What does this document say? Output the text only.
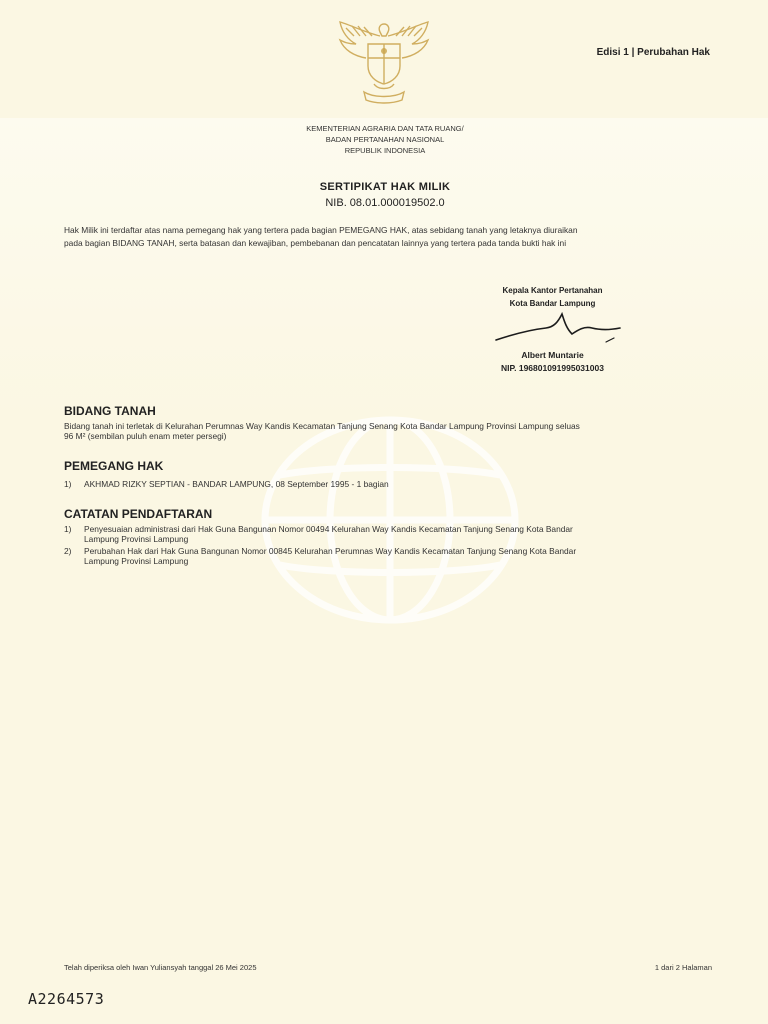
Edisi 1 | Perubahan Hak
KEMENTERIAN AGRARIA DAN TATA RUANG/
BADAN PERTANAHAN NASIONAL
REPUBLIK INDONESIA
SERTIPIKAT HAK MILIK
NIB. 08.01.000019502.0
Hak Milik ini terdaftar atas nama pemegang hak yang tertera pada bagian PEMEGANG HAK, atas sebidang tanah yang letaknya diuraikan
pada bagian BIDANG TANAH, serta batasan dan kewajiban, pembebanan dan pencatatan lainnya yang tertera pada tanda bukti hak ini
Kepala Kantor Pertanahan
Kota Bandar Lampung
Albert Muntarie
NIP. 196801091995031003
BIDANG TANAH
Bidang tanah ini terletak di Kelurahan Perumnas Way Kandis Kecamatan Tanjung Senang Kota Bandar Lampung Provinsi Lampung seluas
96 M² (sembilan puluh enam meter persegi)
PEMEGANG HAK
1) AKHMAD RIZKY SEPTIAN - BANDAR LAMPUNG, 08 September 1995 - 1 bagian
CATATAN PENDAFTARAN
1) Penyesuaian administrasi dari Hak Guna Bangunan Nomor 00494 Kelurahan Way Kandis Kecamatan Tanjung Senang Kota Bandar
Lampung Provinsi Lampung
2) Perubahan Hak dari Hak Guna Bangunan Nomor 00845 Kelurahan Perumnas Way Kandis Kecamatan Tanjung Senang Kota Bandar
Lampung Provinsi Lampung
Telah diperiksa oleh Iwan Yuliansyah tanggal 26 Mei 2025	1 dari 2 Halaman
A2264573
